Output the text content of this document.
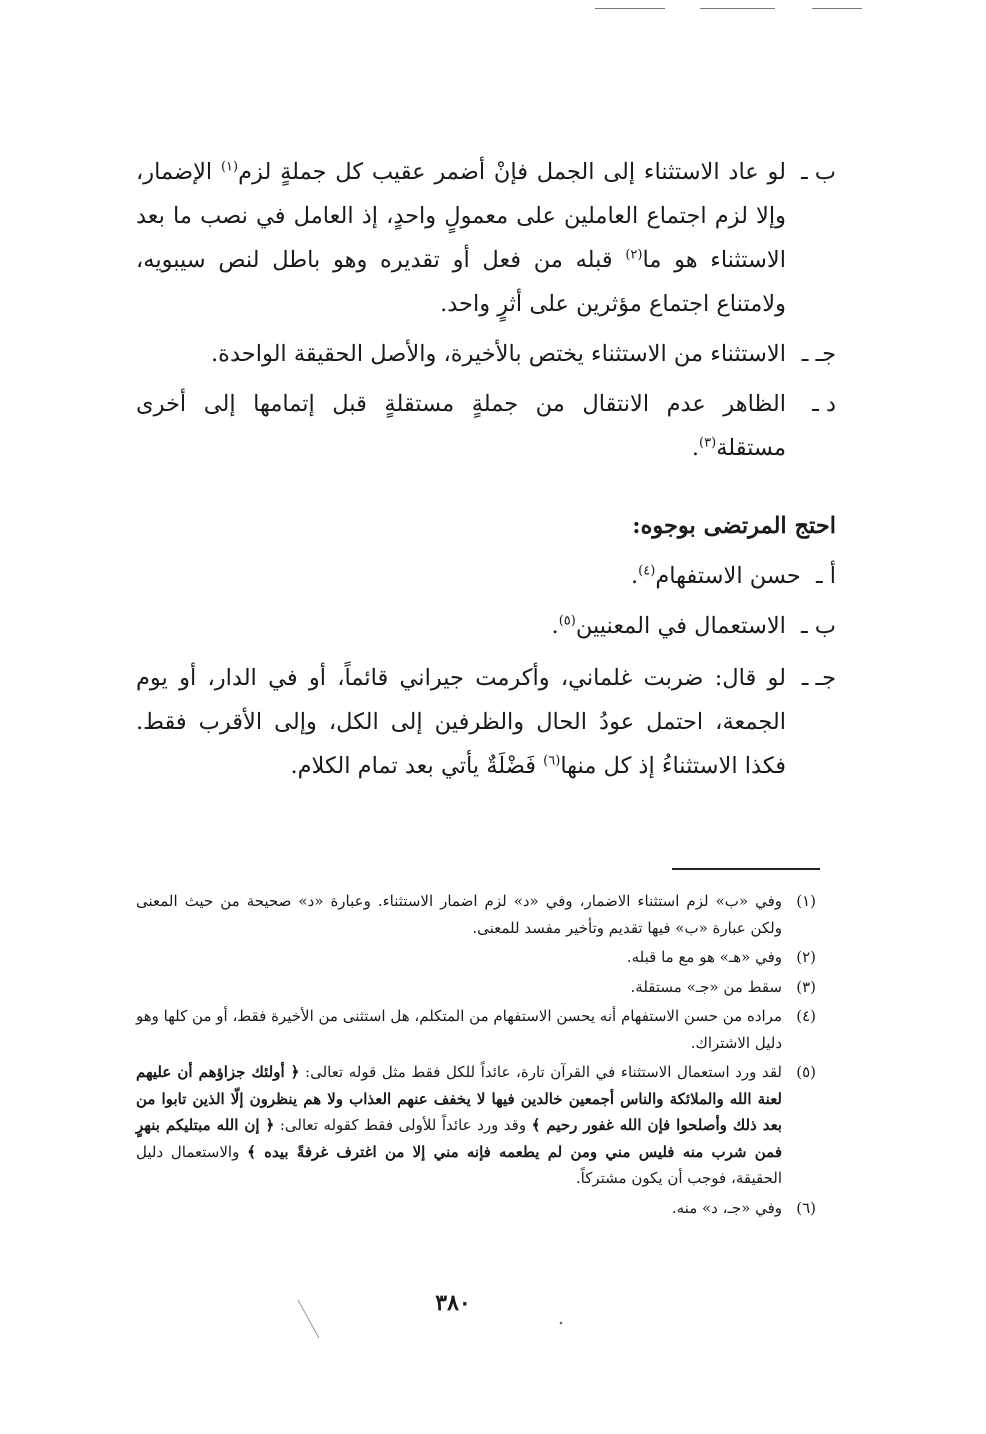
ب ـ
لو عاد الاستثناء إلى الجمل فإنْ أضمر عقيب كل جملةٍ لزم$^{(١)}$ الإضمار، وإلا لزم اجتماع العاملين على معمولٍ واحدٍ، إذ العامل في نصب ما بعد الاستثناء هو ما$^{(٢)}$ قبله من فعل أو تقديره وهو باطل لنص سيبويه، ولامتناع اجتماع مؤثرين على أثرٍ واحد.

جـ ـ
الاستثناء من الاستثناء يختص بالأخيرة، والأصل الحقيقة الواحدة.

د ـ
الظاهر عدم الانتقال من جملةٍ مستقلةٍ قبل إتمامها إلى أخرى مستقلة$^{(٣)}$.

احتج المرتضى بوجوه:

أ ـ حسن الاستفهام$^{(٤)}$.

ب ـ الاستعمال في المعنيين$^{(٥)}$.

جـ ـ
لو قال: ضربت غلماني، وأكرمت جيراني قائماً، أو في الدار، أو يوم الجمعة، احتمل عودُ الحال والظرفين إلى الكل، وإلى الأقرب فقط. فكذا الاستثناءُ إذ كل منها$^{(٦)}$ فَضْلَةٌ يأتي بعد تمام الكلام.

(١)
وفي «ب» لزم استثناء الاضمار، وفي «د» لزم اضمار الاستثناء. وعبارة «د» صحيحة من حيث المعنى ولكن عبارة «ب» فيها تقديم وتأخير مفسد للمعنى.

(٢)
وفي «هـ» هو مع ما قبله.

(٣)
سقط من «جـ» مستقلة.

(٤)
مراده من حسن الاستفهام أنه يحسن الاستفهام من المتكلم، هل استثنى من الأخيرة فقط، أو من كلها وهو دليل الاشتراك.

(٥)
لقد ورد استعمال الاستثناء في القرآن تارة، عائداً للكل فقط مثل قوله تعالى: ﴿ أولئك جزاؤهم أن عليهم لعنة الله والملائكة والناس أجمعين خالدين فيها لا يخفف عنهم العذاب ولا هم ينظرون إلّا الذين تابوا من بعد ذلك وأصلحوا فإن الله غفور رحيم ﴾ وقد ورد عائداً للأولى فقط كقوله تعالى: ﴿ إن الله مبتليكم بنهرٍ فمن شرب منه فليس مني ومن لم يطعمه فإنه مني إلا من اغترف غرفةً بيده ﴾ والاستعمال دليل الحقيقة، فوجب أن يكون مشتركاً.

(٦)
وفي «جـ، د» منه.

٣٨٠
